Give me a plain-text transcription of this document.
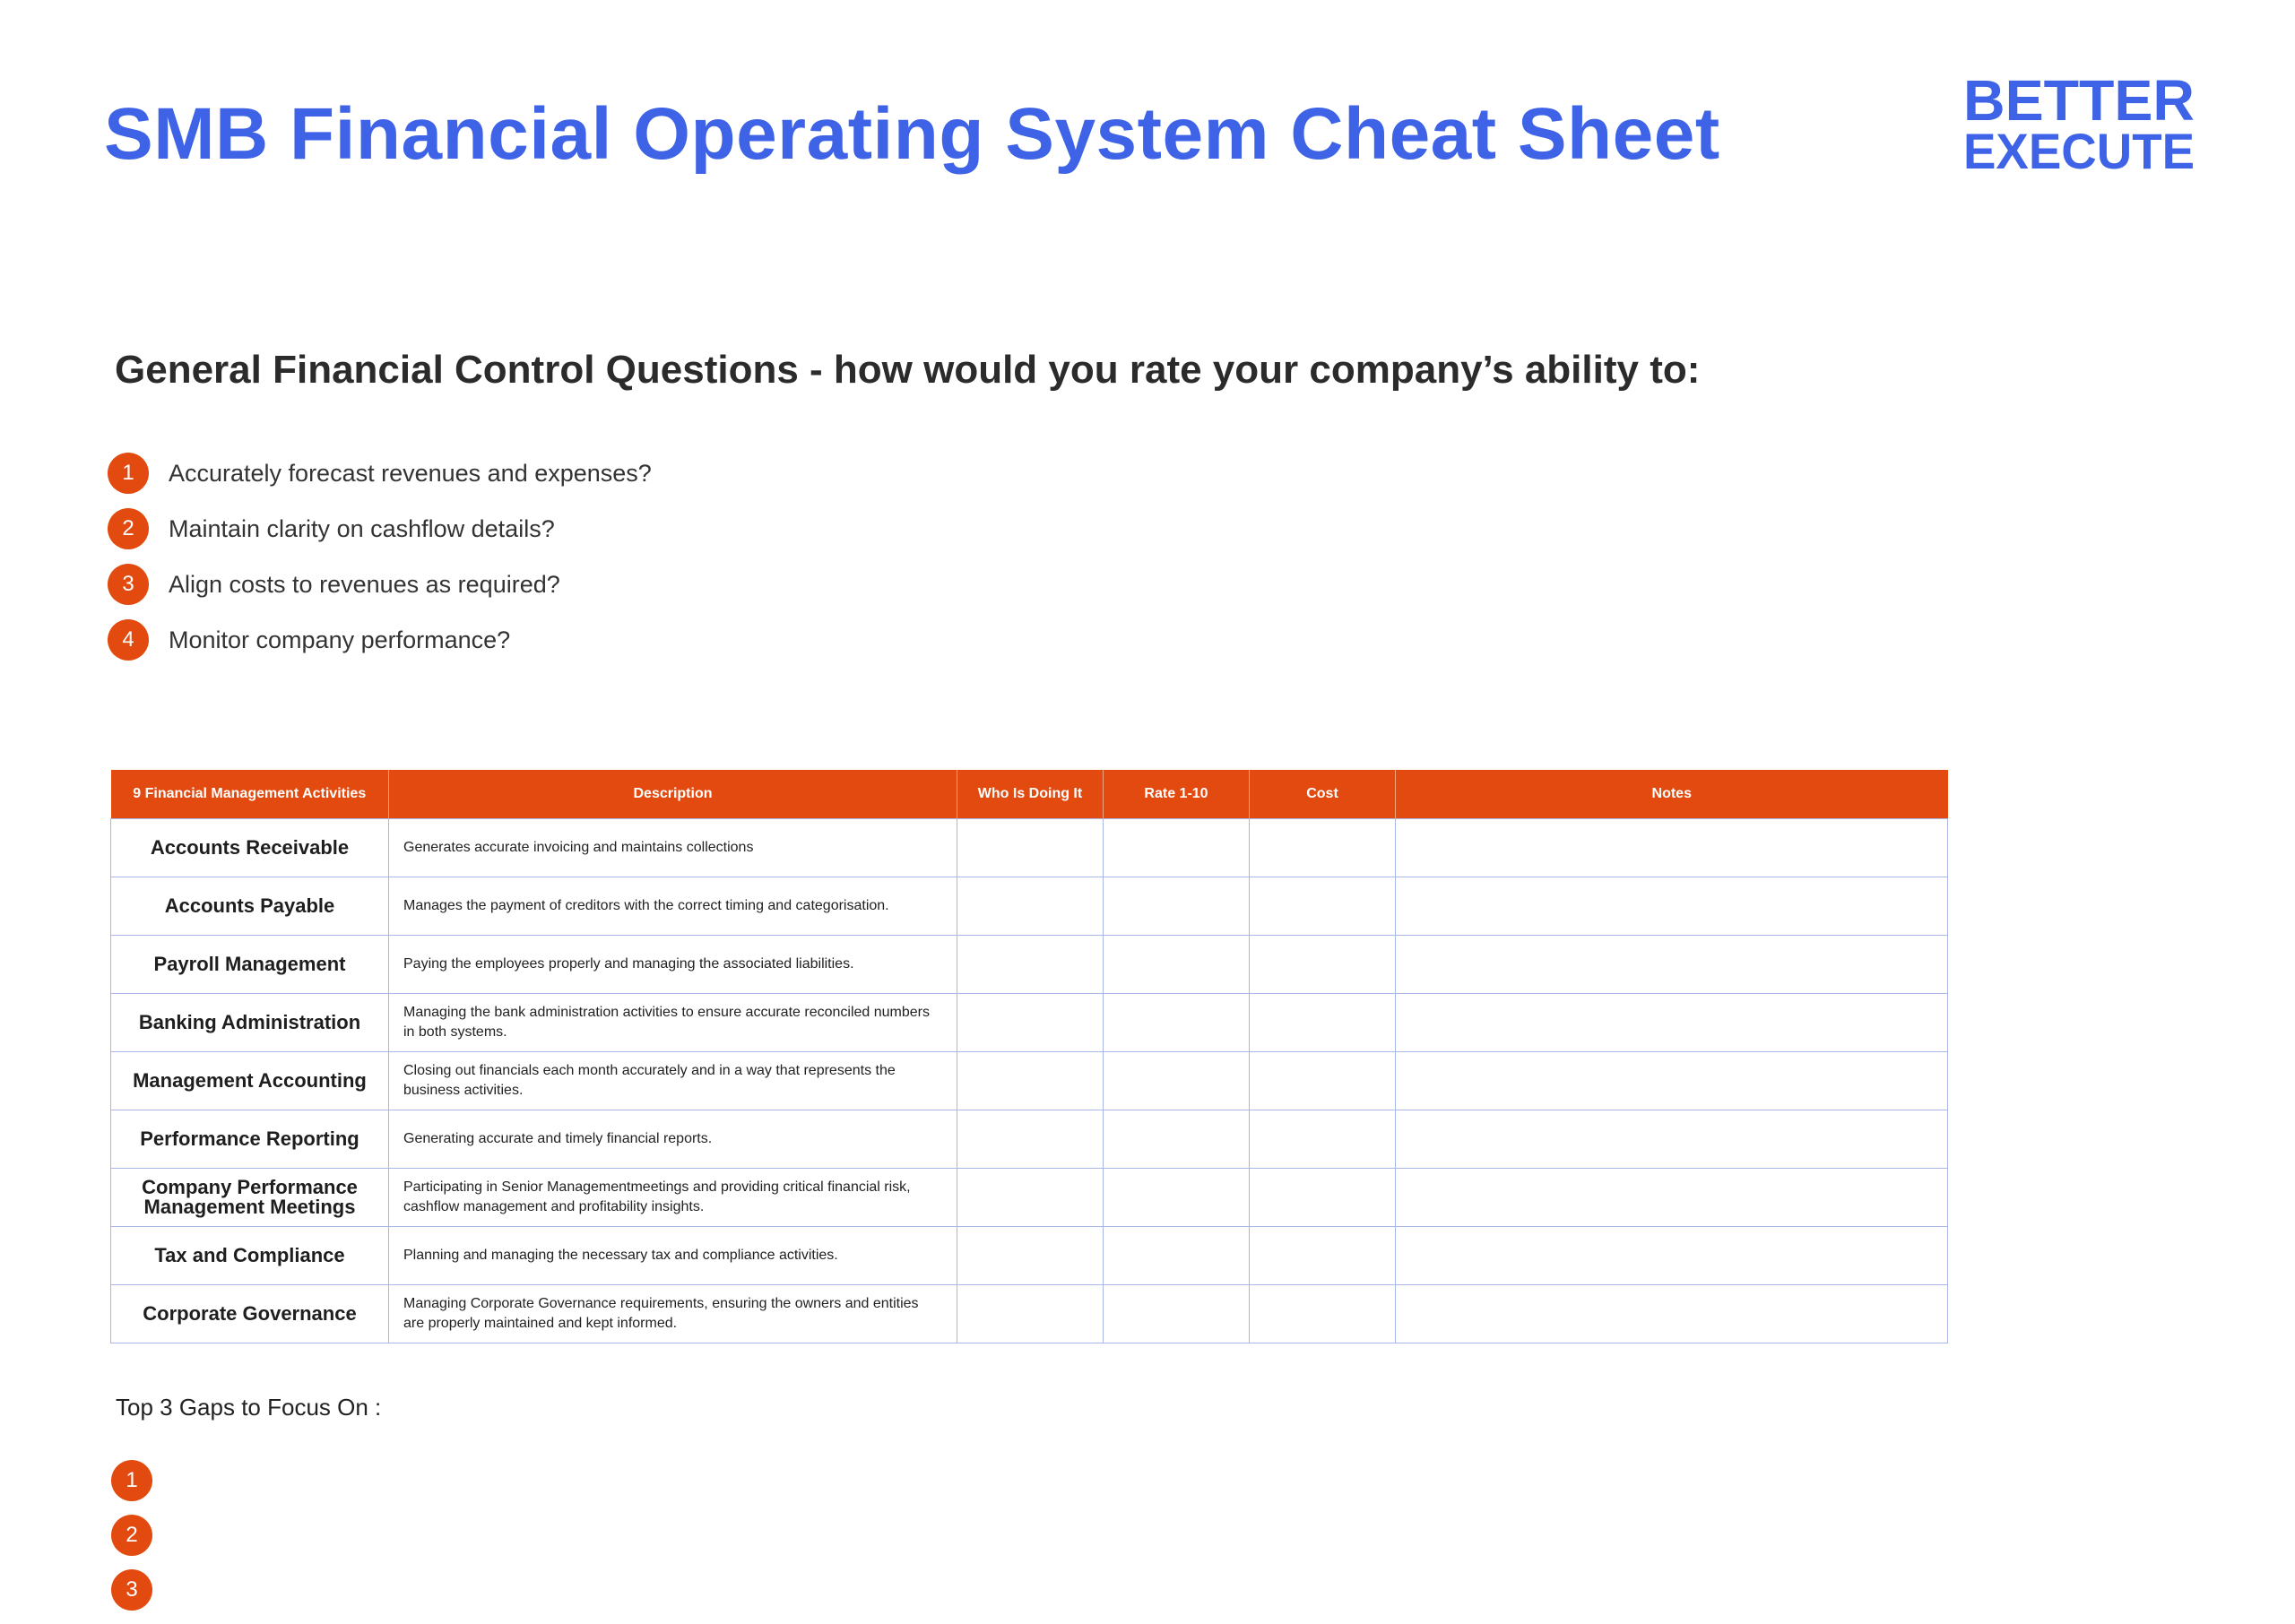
SMB Financial Operating System Cheat Sheet	BETTER
EXECUTE
General Financial Control Questions - how would you rate your company’s ability to:
1	Accurately forecast revenues and expenses?
2	Maintain clarity on cashflow details?
3	Align costs to revenues as required?
4	Monitor company performance?
9 Financial Management Activities	Description	Who Is Doing It	Rate 1-10	Cost	Notes
Accounts Receivable	Generates accurate invoicing and maintains collections				
Accounts Payable	Manages the payment of creditors with the correct timing and categorisation.				
Payroll Management	Paying the employees properly and managing the associated liabilities.				
Banking Administration	Managing the bank administration activities to ensure accurate reconciled numbers in both systems.				
Management Accounting	Closing out financials each month accurately and in a way that represents the business activities.				
Performance Reporting	Generating accurate and timely financial reports.				
Company Performance Management Meetings	Participating in Senior Managementmeetings and providing critical financial risk, cashflow management and profitability insights.				
Tax and Compliance	Planning and managing the necessary tax and compliance activities.				
Corporate Governance	Managing Corporate Governance requirements, ensuring the owners and entities are properly maintained and kept informed.				
Top 3 Gaps to Focus On :
1
2
3
